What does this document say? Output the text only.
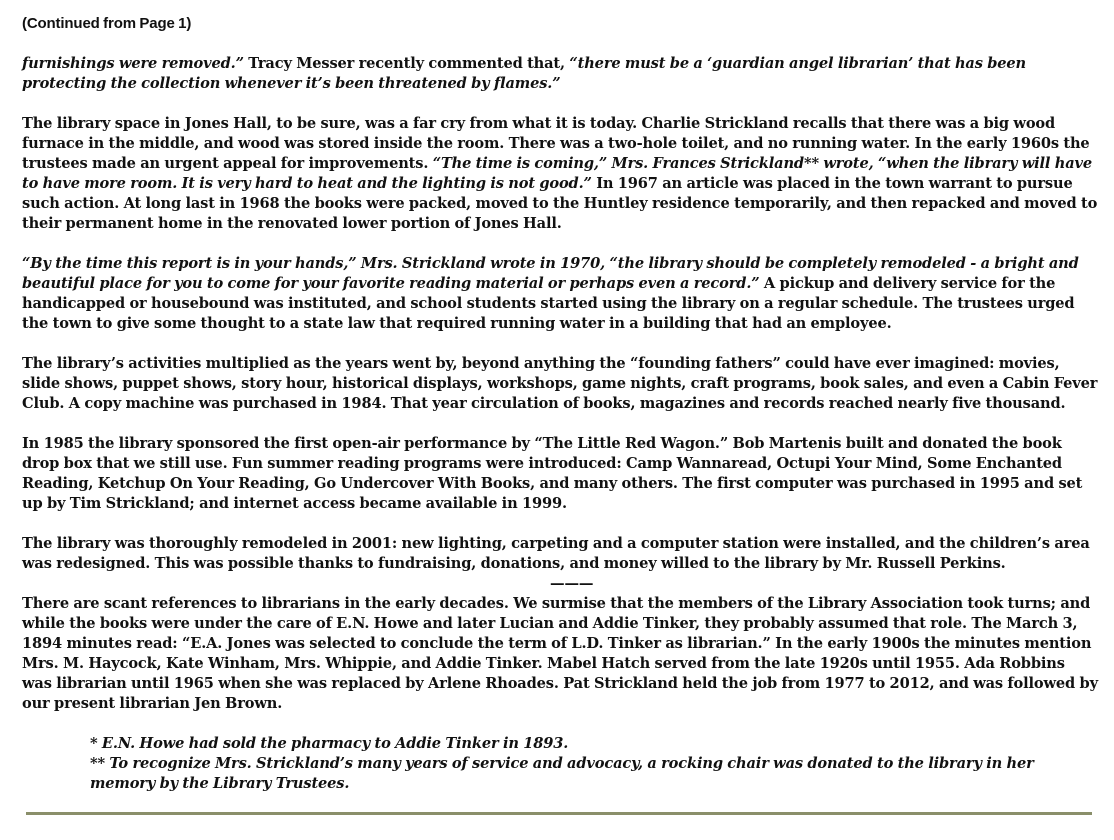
(Continued from Page 1)

furnishings were removed.” Tracy Messer recently commented that, “there must be a ‘guardian angel librarian’ that has been protecting the collection whenever it’s been threatened by flames.”

The library space in Jones Hall, to be sure, was a far cry from what it is today. Charlie Strickland recalls that there was a big wood furnace in the middle, and wood was stored inside the room. There was a two-hole toilet, and no running water. In the early 1960s the trustees made an urgent appeal for improvements. “The time is coming,” Mrs. Frances Strickland** wrote, “when the library will have to have more room. It is very hard to heat and the lighting is not good.” In 1967 an article was placed in the town warrant to pursue such action. At long last in 1968 the books were packed, moved to the Huntley residence temporarily, and then repacked and moved to their permanent home in the renovated lower portion of Jones Hall.

“By the time this report is in your hands,” Mrs. Strickland wrote in 1970, “the library should be completely remodeled - a bright and beautiful place for you to come for your favorite reading material or perhaps even a record.” A pickup and delivery service for the handicapped or housebound was instituted, and school students started using the library on a regular schedule. The trustees urged the town to give some thought to a state law that required running water in a building that had an employee.

The library’s activities multiplied as the years went by, beyond anything the “founding fathers” could have ever imagined: movies, slide shows, puppet shows, story hour, historical displays, workshops, game nights, craft programs, book sales, and even a Cabin Fever Club. A copy machine was purchased in 1984. That year circulation of books, magazines and records reached nearly five thousand.

In 1985 the library sponsored the first open-air performance by “The Little Red Wagon.” Bob Martenis built and donated the book drop box that we still use. Fun summer reading programs were introduced: Camp Wannaread, Octupi Your Mind, Some Enchanted Reading, Ketchup On Your Reading, Go Undercover With Books, and many others. The first computer was purchased in 1995 and set up by Tim Strickland; and internet access became available in 1999.

The library was thoroughly remodeled in 2001: new lighting, carpeting and a computer station were installed, and the children’s area was redesigned. This was possible thanks to fundraising, donations, and money willed to the library by Mr. Russell Perkins.

———

There are scant references to librarians in the early decades. We surmise that the members of the Library Association took turns; and while the books were under the care of E.N. Howe and later Lucian and Addie Tinker, they probably assumed that role. The March 3, 1894 minutes read: “E.A. Jones was selected to conclude the term of L.D. Tinker as librarian.” In the early 1900s the minutes mention Mrs. M. Haycock, Kate Winham, Mrs. Whippie, and Addie Tinker. Mabel Hatch served from the late 1920s until 1955. Ada Robbins was librarian until 1965 when she was replaced by Arlene Rhoades. Pat Strickland held the job from 1977 to 2012, and was followed by our present librarian Jen Brown.

* E.N. Howe had sold the pharmacy to Addie Tinker in 1893.

** To recognize Mrs. Strickland’s many years of service and advocacy, a rocking chair was donated to the library in her memory by the Library Trustees.
